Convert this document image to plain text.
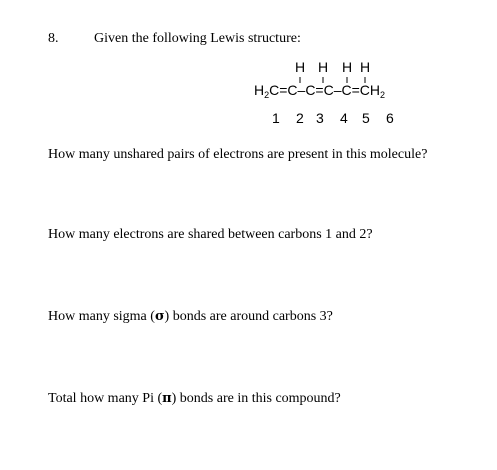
8.	Given the following Lewis structure:
H H H H
$H_2C=C-C=C-C=CH_2$
1 2 3 4 5 6
How many unshared pairs of electrons are present in this molecule?
How many electrons are shared between carbons 1 and 2?
How many sigma (σ) bonds are around carbons 3?
Total how many Pi (π) bonds are in this compound?
